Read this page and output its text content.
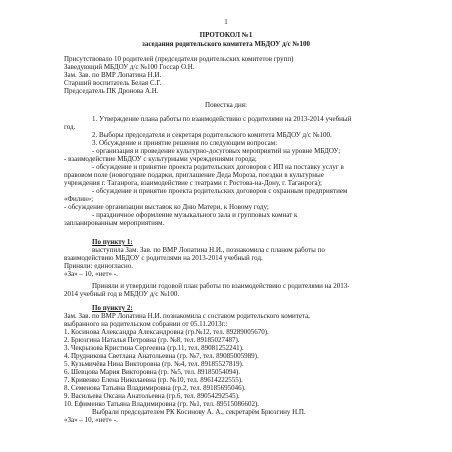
1

ПРОТОКОЛ №1

заседания родительского комитета МБДОУ д/с №100

Присутствовало 10 родителей (председатели родительских комитетов групп)

Заведующий МБДОУ д/с №100 Госсар О.Н.

Зам. Зав. по ВМР Лопатина Н.И.

Старший воспитатель Белая С.Г.

Председатель ПК Дронова А.Н.

Повестка дня:

1. Утверждение плана работы по взаимодействию с родителями на 2013-2014 учебный

год.

2. Выборы председателя и секретаря родительского комитета МБДОУ д/с №100.

3. Обсуждение и принятие решения по следующим вопросам:

- организация и проведение культурно-досуговых мероприятий на уровне МБДОУ;

- взаимодействие МБДОУ с культурными учреждениями города;

- обсуждение и принятие проекта родительских договоров с ИП на поставку услуг в

правовом поле (новогодние подарки, приглашение Деда Мороза, поездки в культурные

учреждения г. Таганрога, взаимодействие с театрами г. Ростова-на-Дону, г. Таганрога);

- обсуждение и принятие проекта родительских договоров с охранным предприятием

«Филин»;

- обсуждение организации выставок ко Дню Матери, к Новому году;

- праздничное оформление музыкального зала и групповых комнат к

запланированным мероприятиям.

По пункту 1:

выступила Зам. Зав. по ВМР Лопатина Н.И., познакомила с планом работы по

взаимодействию МБДОУ с родителями на 2013-2014 учебный год.

Приняли: единогласно.

«За» – 10, «нет» -.

Приняли и утвердили годовой план работы по взаимодействию с родителями на 2013-

2014 учебный год в МБДОУ д/с №100.

По пункту 2:

Зам. Зав. по ВМР Лопатина Н.И. познакомила с составом родительского комитета,

выбранного на родительском собрании от 05.11.2013г.:

1. Косинова Александра Александровна (гр.№12, тел. 89289005670).

2. Брюзгина Наталья Петровна (гр. №8, тел. 89185027487).

3. Чекрызова Кристина Сергеевна (гр.11, тел. 89081252241).

4. Прудникова Светлана Анатольевна (гр. №7, тел. 89085005989).

5. Кузьмичёва Нина Викторовна (гр. №4, тел. 89185527819).

6. Шевцова Мария Викторовна (гр. №5, тел. 89185054094).

7. Кривенко Елена Николаевна (гр. №10, тел. 89614222555).

8. Семенова Татьяна Владимировна (гр.2, тел. 89185695046).

9. Васильева Оксана Анатольевна (гр.6, тел. 89054292545).

10. Ефименко Татьяна Владимировна (гр. №1, тел. 89515086602).

Выбрали председателем РК Косинову А. А., секретарём Брюзгину Н.П.

«За» – 10, «нет» -.
